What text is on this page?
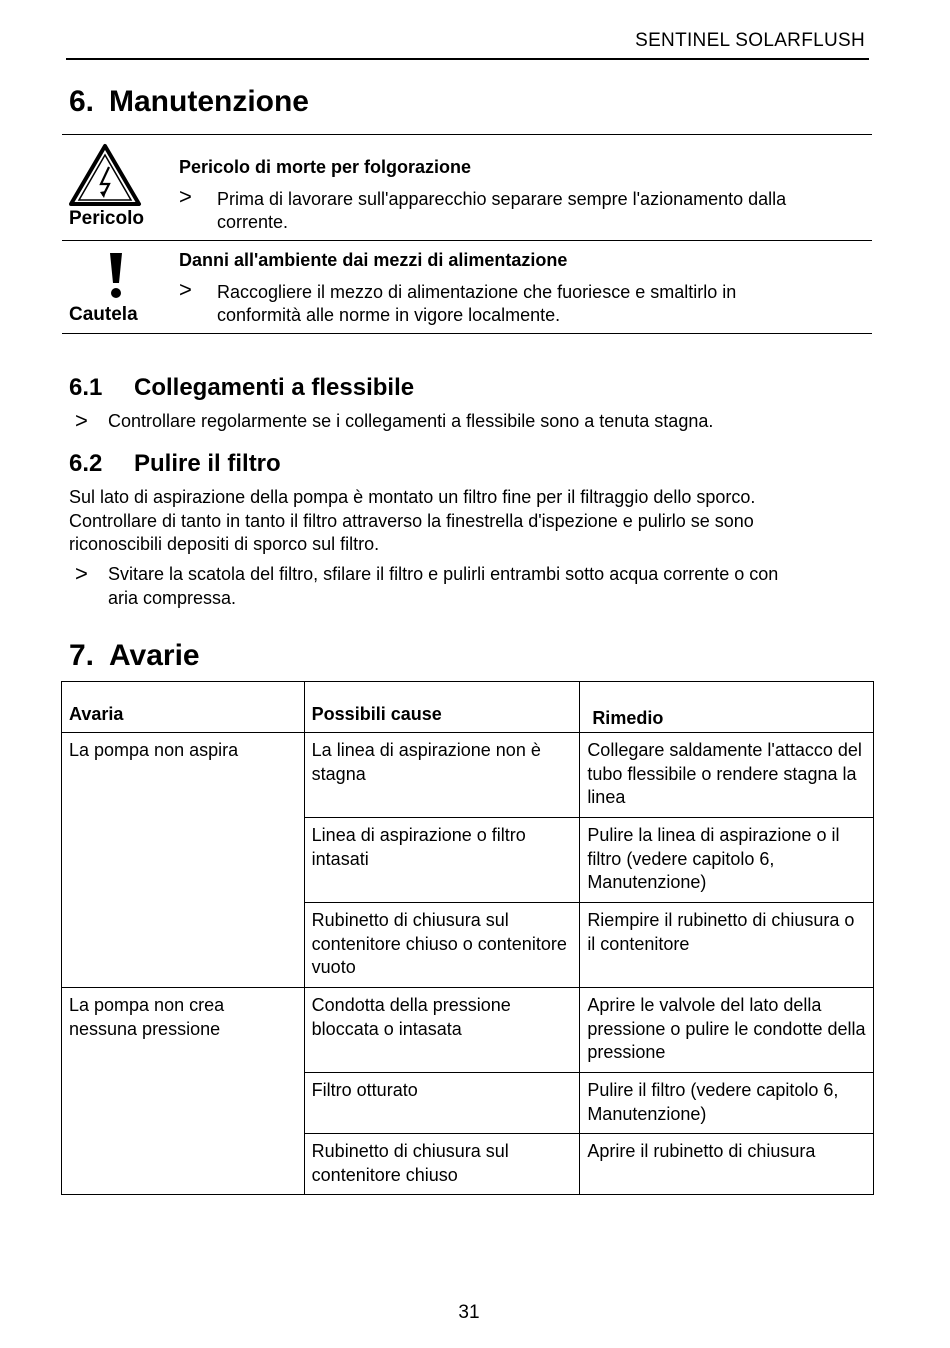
SENTINEL SOLARFLUSH
6. Manutenzione
Pericolo
Pericolo di morte per folgorazione
> Prima di lavorare sull'apparecchio separare sempre l'azionamento dalla
corrente.
Cautela
Danni all'ambiente dai mezzi di alimentazione
> Raccogliere il mezzo di alimentazione che fuoriesce e smaltirlo in
conformità alle norme in vigore localmente.
6.1 Collegamenti a flessibile
> Controllare regolarmente se i collegamenti a flessibile sono a tenuta stagna.
6.2 Pulire il filtro
Sul lato di aspirazione della pompa è montato un filtro fine per il filtraggio dello sporco.
Controllare di tanto in tanto il filtro attraverso la finestrella d'ispezione e pulirlo se sono
riconoscibili depositi di sporco sul filtro.
> Svitare la scatola del filtro, sfilare il filtro e pulirli entrambi sotto acqua corrente o con
aria compressa.
7. Avarie
Avaria	Possibili cause	Rimedio
La pompa non aspira	La linea di aspirazione non è stagna	Collegare saldamente l'attacco del tubo flessibile o rendere stagna la linea
	Linea di aspirazione o filtro intasati	Pulire la linea di aspirazione o il filtro (vedere capitolo 6, Manutenzione)
	Rubinetto di chiusura sul contenitore chiuso o contenitore vuoto	Riempire il rubinetto di chiusura o il contenitore
La pompa non crea nessuna pressione	Condotta della pressione bloccata o intasata	Aprire le valvole del lato della pressione o pulire le condotte della pressione
	Filtro otturato	Pulire il filtro (vedere capitolo 6, Manutenzione)
	Rubinetto di chiusura sul contenitore chiuso	Aprire il rubinetto di chiusura
31
